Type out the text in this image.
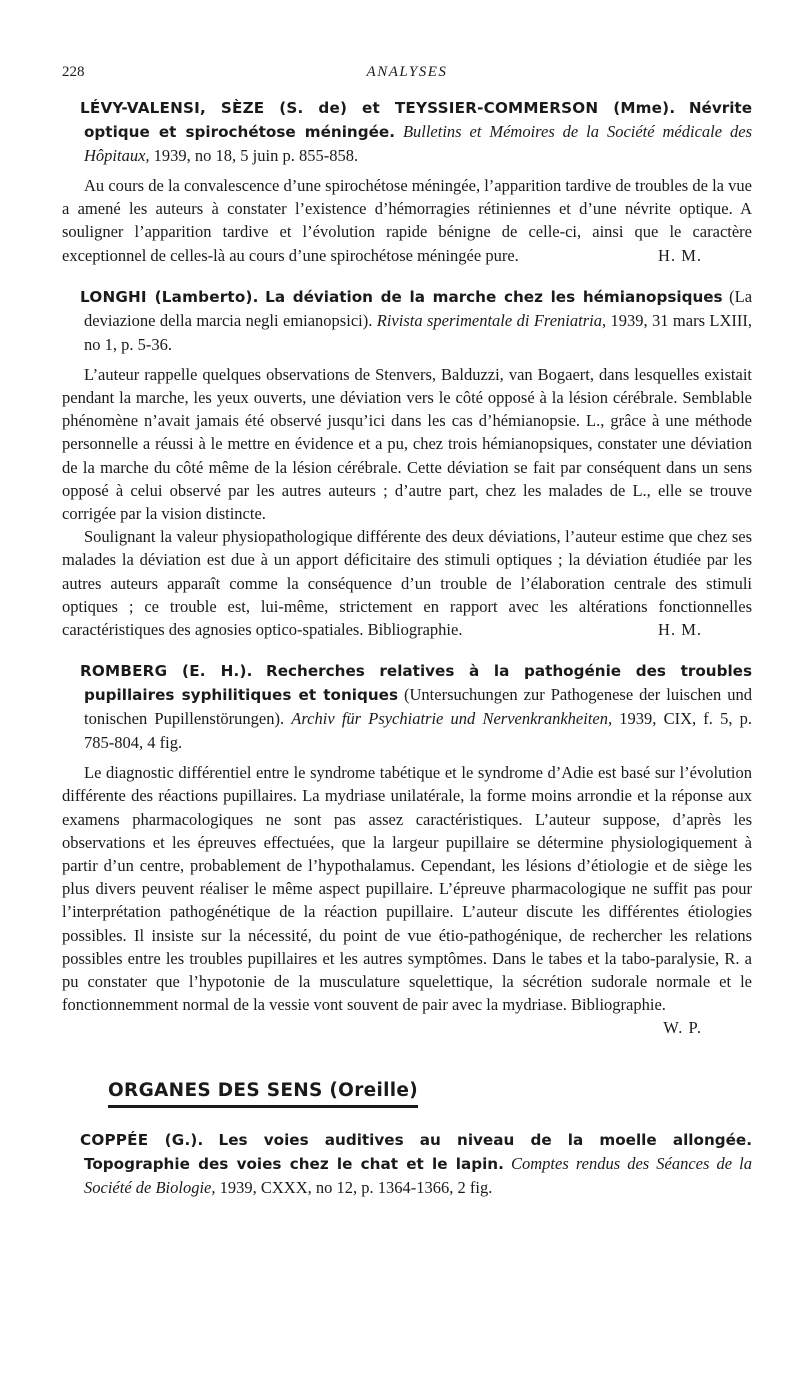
228	ANALYSES

LÉVY-VALENSI, SÈZE (S. de) et TEYSSIER-COMMERSON (Mme). Névrite optique et spirochétose méningée. Bulletins et Mémoires de la Société médicale des Hôpitaux, 1939, no 18, 5 juin p. 855-858.

Au cours de la convalescence d’une spirochétose méningée, l’apparition tardive de troubles de la vue a amené les auteurs à constater l’existence d’hémorragies rétiniennes et d’une névrite optique. A souligner l’apparition tardive et l’évolution rapide bénigne de celle-ci, ainsi que le caractère exceptionnel de celles-là au cours d’une spirochétose méningée pure.	H. M.

LONGHI (Lamberto). La déviation de la marche chez les hémianopsiques (La deviazione della marcia negli emianopsici). Rivista sperimentale di Freniatria, 1939, 31 mars LXIII, no 1, p. 5-36.

L’auteur rappelle quelques observations de Stenvers, Balduzzi, van Bogaert, dans lesquelles existait pendant la marche, les yeux ouverts, une déviation vers le côté opposé à la lésion cérébrale. Semblable phénomène n’avait jamais été observé jusqu’ici dans les cas d’hémianopsie. L., grâce à une méthode personnelle a réussi à le mettre en évidence et a pu, chez trois hémianopsiques, constater une déviation de la marche du côté même de la lésion cérébrale. Cette déviation se fait par conséquent dans un sens opposé à celui observé par les autres auteurs ; d’autre part, chez les malades de L., elle se trouve corrigée par la vision distincte.

Soulignant la valeur physiopathologique différente des deux déviations, l’auteur estime que chez ses malades la déviation est due à un apport déficitaire des stimuli optiques ; la déviation étudiée par les autres auteurs apparaît comme la conséquence d’un trouble de l’élaboration centrale des stimuli optiques ; ce trouble est, lui-même, strictement en rapport avec les altérations fonctionnelles caractéristiques des agnosies optico-spatiales. Bibliographie.	H. M.

ROMBERG (E. H.). Recherches relatives à la pathogénie des troubles pupillaires syphilitiques et toniques (Untersuchungen zur Pathogenese der luischen und tonischen Pupillenstörungen). Archiv für Psychiatrie und Nervenkrankheiten, 1939, CIX, f. 5, p. 785-804, 4 fig.

Le diagnostic différentiel entre le syndrome tabétique et le syndrome d’Adie est basé sur l’évolution différente des réactions pupillaires. La mydriase unilatérale, la forme moins arrondie et la réponse aux examens pharmacologiques ne sont pas assez caractéristiques. L’auteur suppose, d’après les observations et les épreuves effectuées, que la largeur pupillaire se détermine physiologiquement à partir d’un centre, probablement de l’hypothalamus. Cependant, les lésions d’étiologie et de siège les plus divers peuvent réaliser le même aspect pupillaire. L’épreuve pharmacologique ne suffit pas pour l’interprétation pathogénétique de la réaction pupillaire. L’auteur discute les différentes étiologies possibles. Il insiste sur la nécessité, du point de vue étio-pathogénique, de rechercher les relations possibles entre les troubles pupillaires et les autres symptômes. Dans le tabes et la tabo-paralysie, R. a pu constater que l’hypotonie de la musculature squelettique, la sécrétion sudorale normale et le fonctionnemment normal de la vessie vont souvent de pair avec la mydriase. Bibliographie.
W. P.

ORGANES DES SENS (Oreille)

COPPÉE (G.). Les voies auditives au niveau de la moelle allongée. Topographie des voies chez le chat et le lapin. Comptes rendus des Séances de la Société de Biologie, 1939, CXXX, no 12, p. 1364-1366, 2 fig.
